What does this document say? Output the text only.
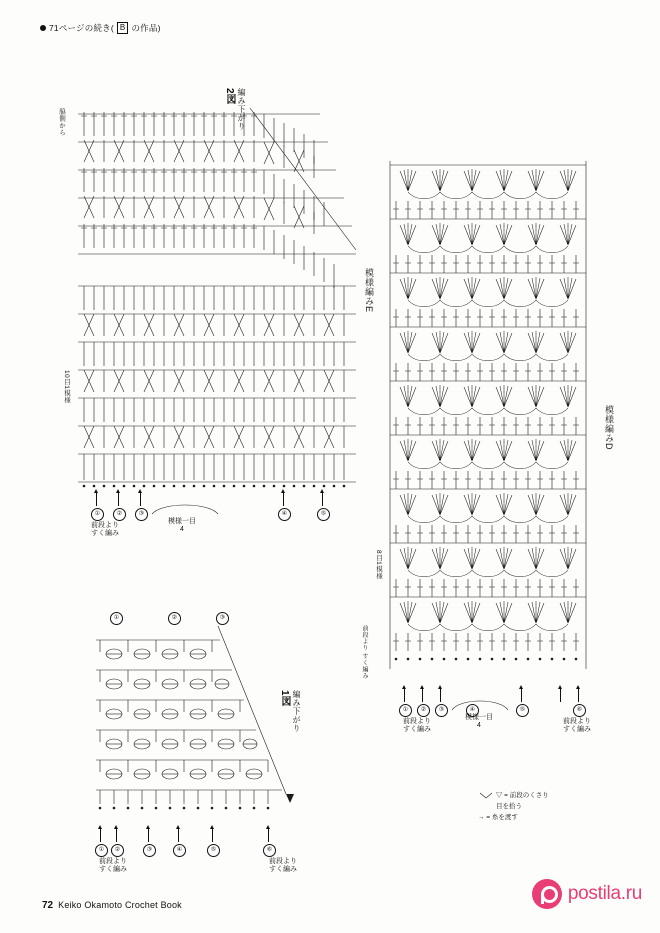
71ページの続き( B の作品)
2図 編み下がり
脇側から
10目1模様
模様編みE
①	②	③	④	⑤
前段より
すく編み
模様一目
4
模様編みD
8目1模様
前段より すく編み
①	②	③	④	⑤	⑥
前段より
すく編み
模様一目
4
前段より
すく編み
①	②	③
1図 編み下がり
①	②	③	④	⑤	⑥
前段より
すく編み
前段より
すく編み
▽ = 前段のくさり
目を拾う
→ = 糸を渡す
72 Keiko Okamoto Crochet Book
postila.ru
